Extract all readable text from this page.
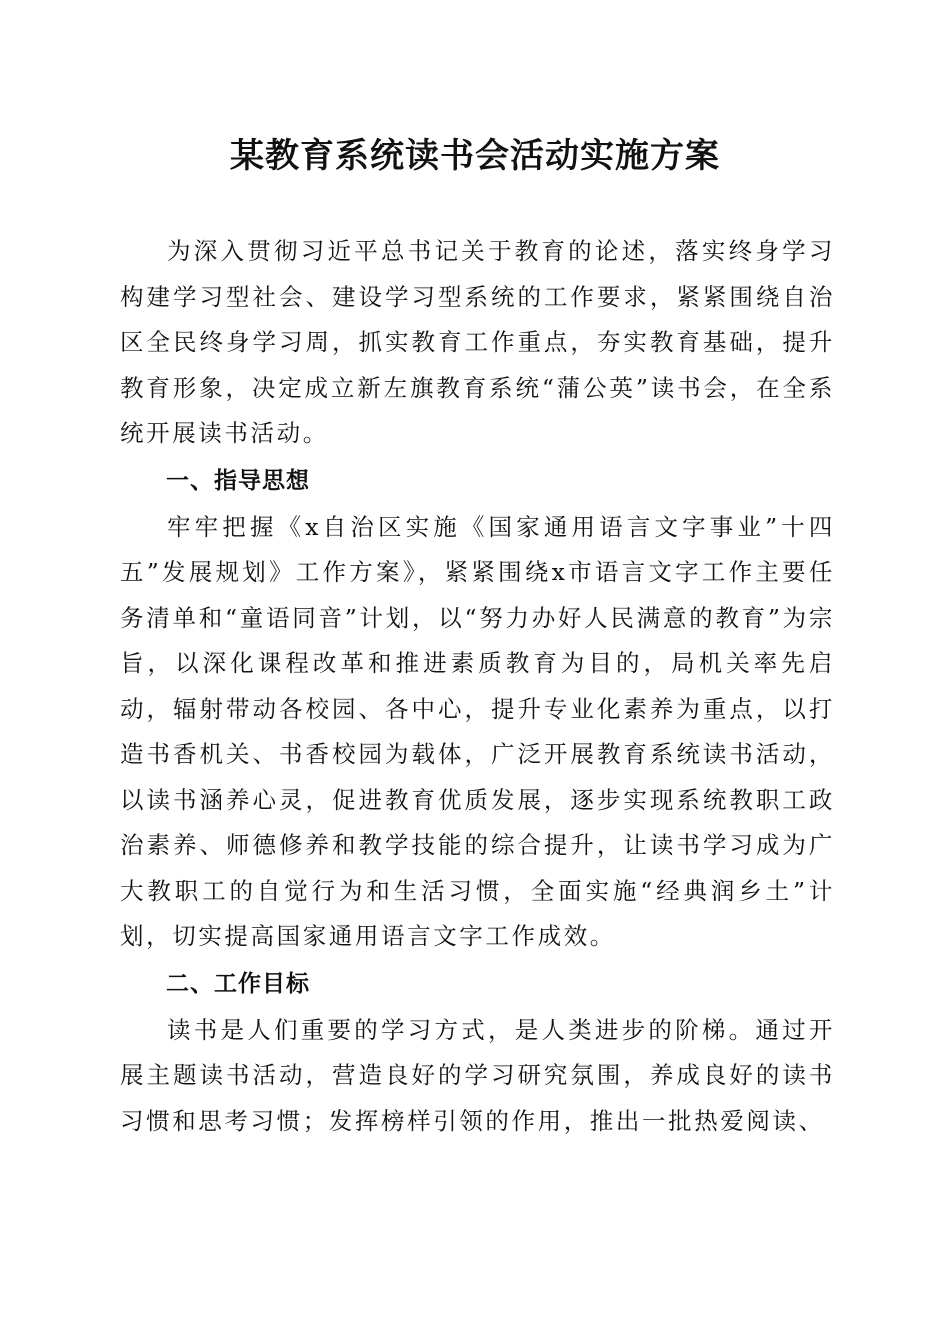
某教育系统读书会活动实施方案

为深入贯彻习近平总书记关于教育的论述，落实终身学习构建学习型社会、建设学习型系统的工作要求，紧紧围绕自治区全民终身学习周，抓实教育工作重点，夯实教育基础，提升教育形象，决定成立新左旗教育系统“蒲公英”读书会，在全系统开展读书活动。

一、指导思想

牢牢把握《x自治区实施《国家通用语言文字事业”十四五”发展规划》工作方案》，紧紧围绕x市语言文字工作主要任务清单和“童语同音”计划，以“努力办好人民满意的教育”为宗旨，以深化课程改革和推进素质教育为目的，局机关率先启动，辐射带动各校园、各中心，提升专业化素养为重点，以打造书香机关、书香校园为载体，广泛开展教育系统读书活动，以读书涵养心灵，促进教育优质发展，逐步实现系统教职工政治素养、师德修养和教学技能的综合提升，让读书学习成为广大教职工的自觉行为和生活习惯，全面实施“经典润乡土”计划，切实提高国家通用语言文字工作成效。

二、工作目标

读书是人们重要的学习方式，是人类进步的阶梯。通过开展主题读书活动，营造良好的学习研究氛围，养成良好的读书习惯和思考习惯；发挥榜样引领的作用，推出一批热爱阅读、
